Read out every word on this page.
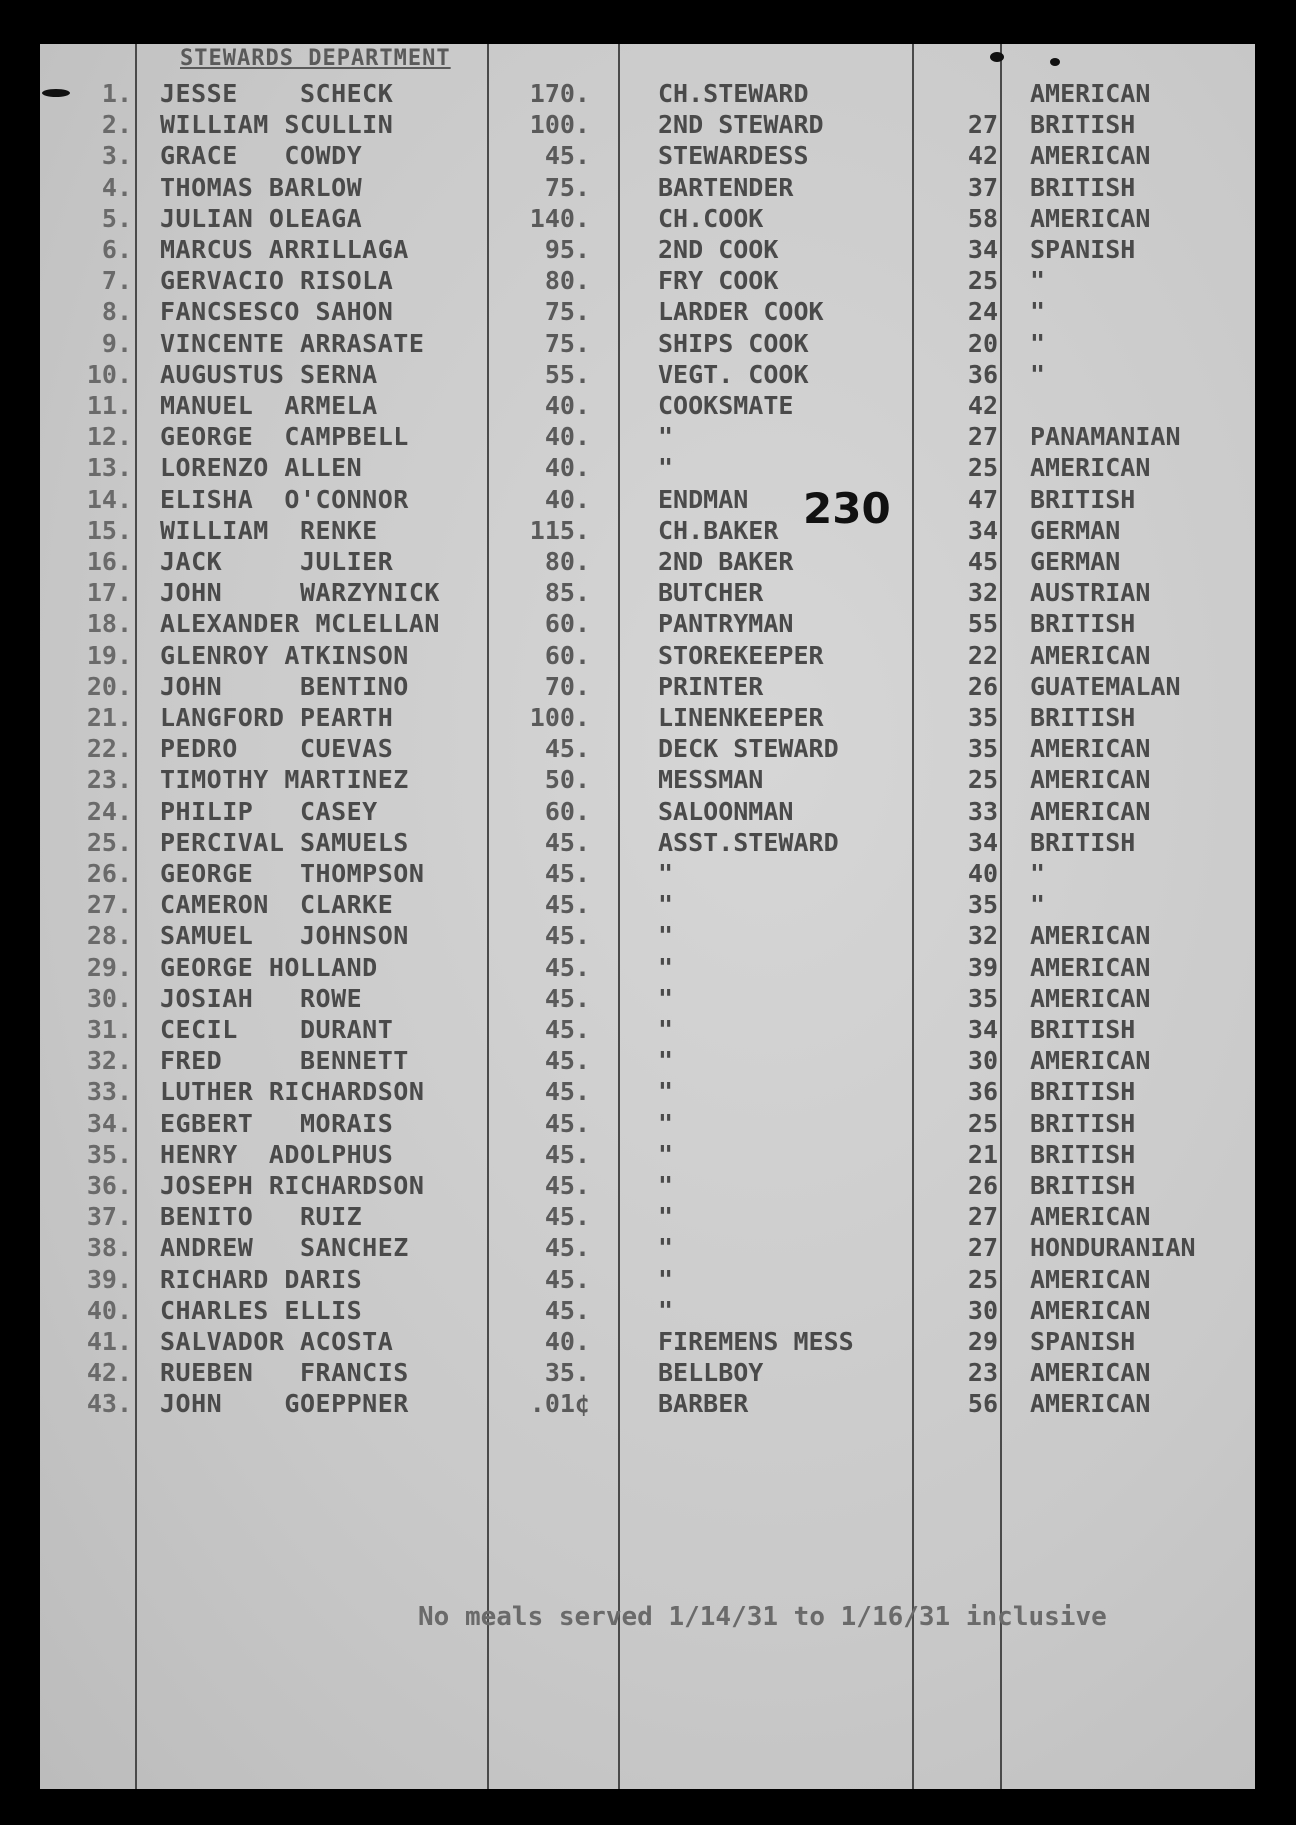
STEWARDS DEPARTMENT
1. JESSE    SCHECK	170.	CH.STEWARD	AMERICAN
2. WILLIAM SCULLIN	100.	2ND STEWARD	27 BRITISH
3. GRACE   COWDY	45.	STEWARDESS	42 AMERICAN
4. THOMAS BARLOW	75.	BARTENDER	37 BRITISH
5. JULIAN OLEAGA	140.	CH.COOK	58 AMERICAN
6. MARCUS ARRILLAGA	95.	2ND COOK	34 SPANISH
7. GERVACIO RISOLA	80.	FRY COOK	25 "
8. FANCSESCO SAHON	75.	LARDER COOK	24 "
9. VINCENTE ARRASATE	75.	SHIPS COOK	20 "
10. AUGUSTUS SERNA	55.	VEGT. COOK	36 "
11. MANUEL  ARMELA	40.	COOKSMATE	42
12. GEORGE  CAMPBELL	40.	"	27 PANAMANIAN
13. LORENZO ALLEN	40.	"	25 AMERICAN
14. ELISHA  O'CONNOR	40.	ENDMAN	47 BRITISH
15. WILLIAM  RENKE	115.	CH.BAKER	34 GERMAN
16. JACK     JULIER	80.	2ND BAKER	45 GERMAN
17. JOHN     WARZYNICK	85.	BUTCHER	32 AUSTRIAN
18. ALEXANDER MCLELLAN	60.	PANTRYMAN	55 BRITISH
19. GLENROY ATKINSON	60.	STOREKEEPER	22 AMERICAN
20. JOHN     BENTINO	70.	PRINTER	26 GUATEMALAN
21. LANGFORD PEARTH	100.	LINENKEEPER	35 BRITISH
22. PEDRO    CUEVAS	45.	DECK STEWARD	35 AMERICAN
23. TIMOTHY MARTINEZ	50.	MESSMAN	25 AMERICAN
24. PHILIP   CASEY	60.	SALOONMAN	33 AMERICAN
25. PERCIVAL SAMUELS	45.	ASST.STEWARD	34 BRITISH
26. GEORGE   THOMPSON	45.	"	40 "
27. CAMERON  CLARKE	45.	"	35 "
28. SAMUEL   JOHNSON	45.	"	32 AMERICAN
29. GEORGE HOLLAND	45.	"	39 AMERICAN
30. JOSIAH   ROWE	45.	"	35 AMERICAN
31. CECIL    DURANT	45.	"	34 BRITISH
32. FRED     BENNETT	45.	"	30 AMERICAN
33. LUTHER RICHARDSON	45.	"	36 BRITISH
34. EGBERT   MORAIS	45.	"	25 BRITISH
35. HENRY  ADOLPHUS	45.	"	21 BRITISH
36. JOSEPH RICHARDSON	45.	"	26 BRITISH
37. BENITO   RUIZ	45.	"	27 AMERICAN
38. ANDREW   SANCHEZ	45.	"	27 HONDURANIAN
39. RICHARD DARIS	45.	"	25 AMERICAN
40. CHARLES ELLIS	45.	"	30 AMERICAN
41. SALVADOR ACOSTA	40.	FIREMENS MESS	29 SPANISH
42. RUEBEN   FRANCIS	35.	BELLBOY	23 AMERICAN
43. JOHN    GOEPPNER	.01¢	BARBER	56 AMERICAN
230
No meals served 1/14/31 to 1/16/31 inclusive
